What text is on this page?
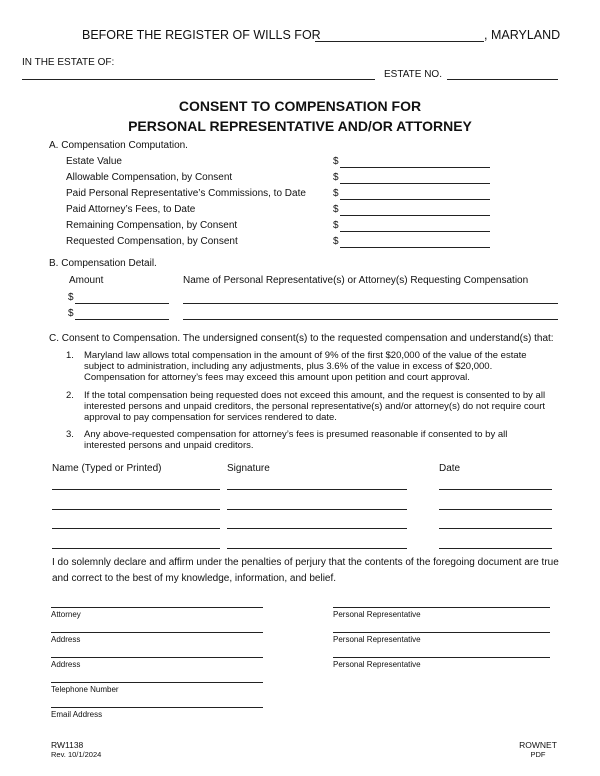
BEFORE THE REGISTER OF WILLS FOR	, MARYLAND
IN THE ESTATE OF:
ESTATE NO.
CONSENT TO COMPENSATION FOR
PERSONAL REPRESENTATIVE AND/OR ATTORNEY
A. Compensation Computation.
Estate Value	$
Allowable Compensation, by Consent	$
Paid Personal Representative’s Commissions, to Date	$
Paid Attorney’s Fees, to Date	$
Remaining Compensation, by Consent	$
Requested Compensation, by Consent	$
B. Compensation Detail.
Amount	Name of Personal Representative(s) or Attorney(s) Requesting Compensation
$
$
C. Consent to Compensation. The undersigned consent(s) to the requested compensation and understand(s) that:
1. Maryland law allows total compensation in the amount of 9% of the first $20,000 of the value of the estate
subject to administration, including any adjustments, plus 3.6% of the value in excess of $20,000.
Compensation for attorney’s fees may exceed this amount upon petition and court approval.
2. If the total compensation being requested does not exceed this amount, and the request is consented to by all
interested persons and unpaid creditors, the personal representative(s) and/or attorney(s) do not require court
approval to pay compensation for services rendered to date.
3. Any above-requested compensation for attorney’s fees is presumed reasonable if consented to by all
interested persons and unpaid creditors.
Name (Typed or Printed)	Signature	Date
I do solemnly declare and affirm under the penalties of perjury that the contents of the foregoing document are true
and correct to the best of my knowledge, information, and belief.
Attorney
Address
Address
Telephone Number
Email Address
Personal Representative
Personal Representative
Personal Representative
RW1138
Rev. 10/1/2024
ROWNET
PDF
